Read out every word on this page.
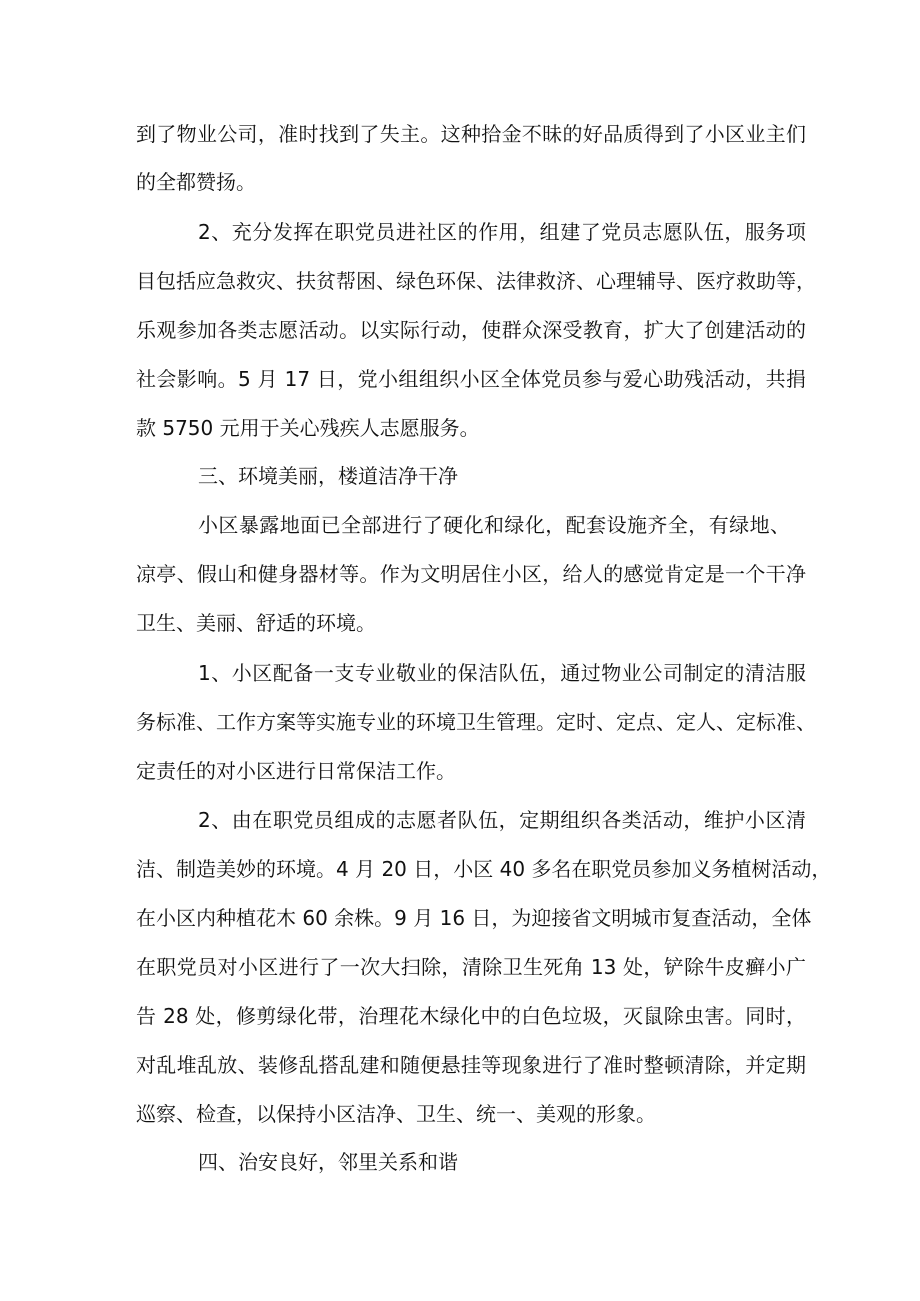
到了物业公司，准时找到了失主。这种拾金不昧的好品质得到了小区业主们
的全都赞扬。
2、充分发挥在职党员进社区的作用，组建了党员志愿队伍，服务项
目包括应急救灾、扶贫帮困、绿色环保、法律救济、心理辅导、医疗救助等，
乐观参加各类志愿活动。以实际行动，使群众深受教育，扩大了创建活动的
社会影响。5 月 17 日，党小组组织小区全体党员参与爱心助残活动，共捐
款 5750 元用于关心残疾人志愿服务。
三、环境美丽，楼道洁净干净
小区暴露地面已全部进行了硬化和绿化，配套设施齐全，有绿地、
凉亭、假山和健身器材等。作为文明居住小区，给人的感觉肯定是一个干净
卫生、美丽、舒适的环境。
1、小区配备一支专业敬业的保洁队伍，通过物业公司制定的清洁服
务标准、工作方案等实施专业的环境卫生管理。定时、定点、定人、定标准、
定责任的对小区进行日常保洁工作。
2、由在职党员组成的志愿者队伍，定期组织各类活动，维护小区清
洁、制造美妙的环境。4 月 20 日，小区 40 多名在职党员参加义务植树活动，
在小区内种植花木 60 余株。9 月 16 日，为迎接省文明城市复查活动，全体
在职党员对小区进行了一次大扫除，清除卫生死角 13 处，铲除牛皮癣小广
告 28 处，修剪绿化带，治理花木绿化中的白色垃圾，灭鼠除虫害。同时，
对乱堆乱放、装修乱搭乱建和随便悬挂等现象进行了准时整顿清除，并定期
巡察、检查，以保持小区洁净、卫生、统一、美观的形象。
四、治安良好，邻里关系和谐
